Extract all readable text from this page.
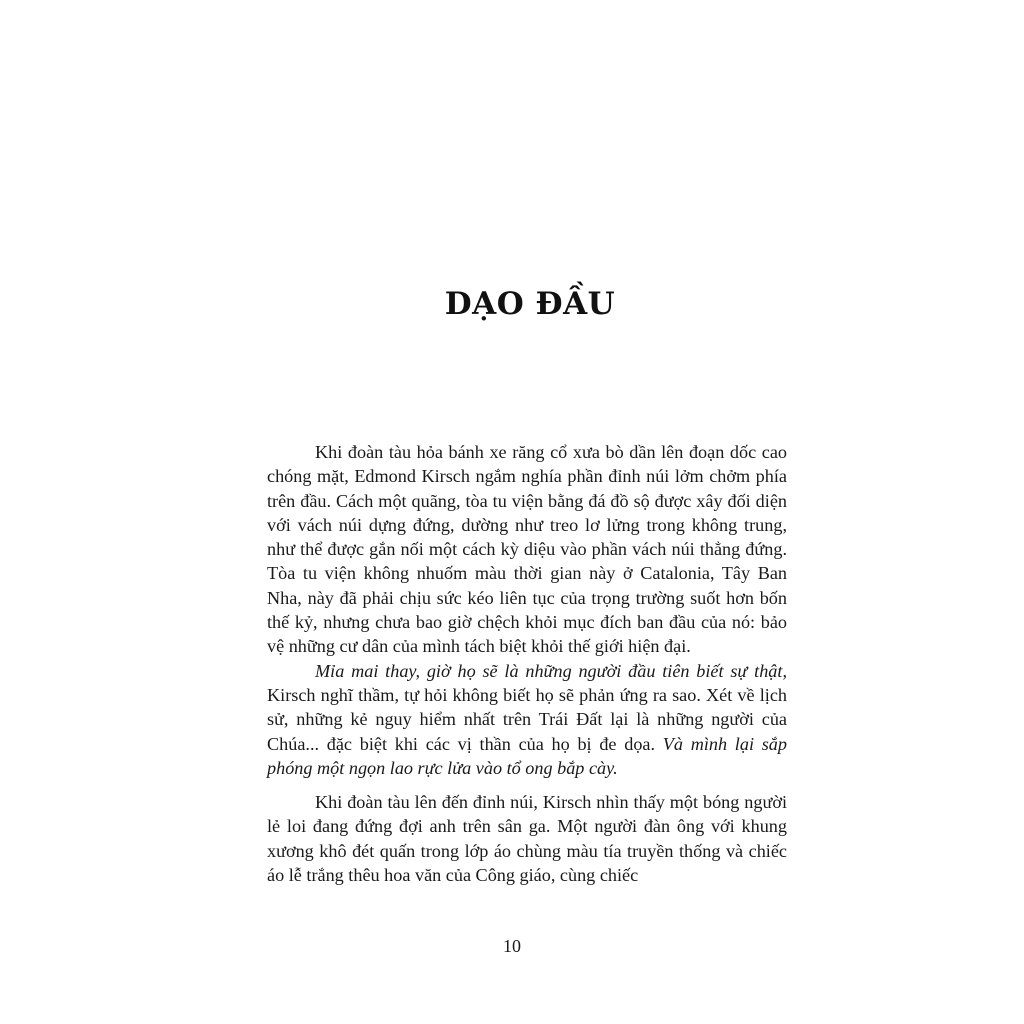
DẠO ĐẦU

Khi đoàn tàu hỏa bánh xe răng cổ xưa bò dần lên đoạn dốc cao chóng mặt, Edmond Kirsch ngắm nghía phần đỉnh núi lởm chởm phía trên đầu. Cách một quãng, tòa tu viện bằng đá đồ sộ được xây đối diện với vách núi dựng đứng, dường như treo lơ lửng trong không trung, như thể được gắn nối một cách kỳ diệu vào phần vách núi thẳng đứng. Tòa tu viện không nhuốm màu thời gian này ở Catalonia, Tây Ban Nha, này đã phải chịu sức kéo liên tục của trọng trường suốt hơn bốn thế kỷ, nhưng chưa bao giờ chệch khỏi mục đích ban đầu của nó: bảo vệ những cư dân của mình tách biệt khỏi thế giới hiện đại.

Mỉa mai thay, giờ họ sẽ là những người đầu tiên biết sự thật, Kirsch nghĩ thầm, tự hỏi không biết họ sẽ phản ứng ra sao. Xét về lịch sử, những kẻ nguy hiểm nhất trên Trái Đất lại là những người của Chúa... đặc biệt khi các vị thần của họ bị đe dọa. Và mình lại sắp phóng một ngọn lao rực lửa vào tổ ong bắp cày.

Khi đoàn tàu lên đến đỉnh núi, Kirsch nhìn thấy một bóng người lẻ loi đang đứng đợi anh trên sân ga. Một người đàn ông với khung xương khô đét quấn trong lớp áo chùng màu tía truyền thống và chiếc áo lễ trắng thêu hoa văn của Công giáo, cùng chiếc

10
